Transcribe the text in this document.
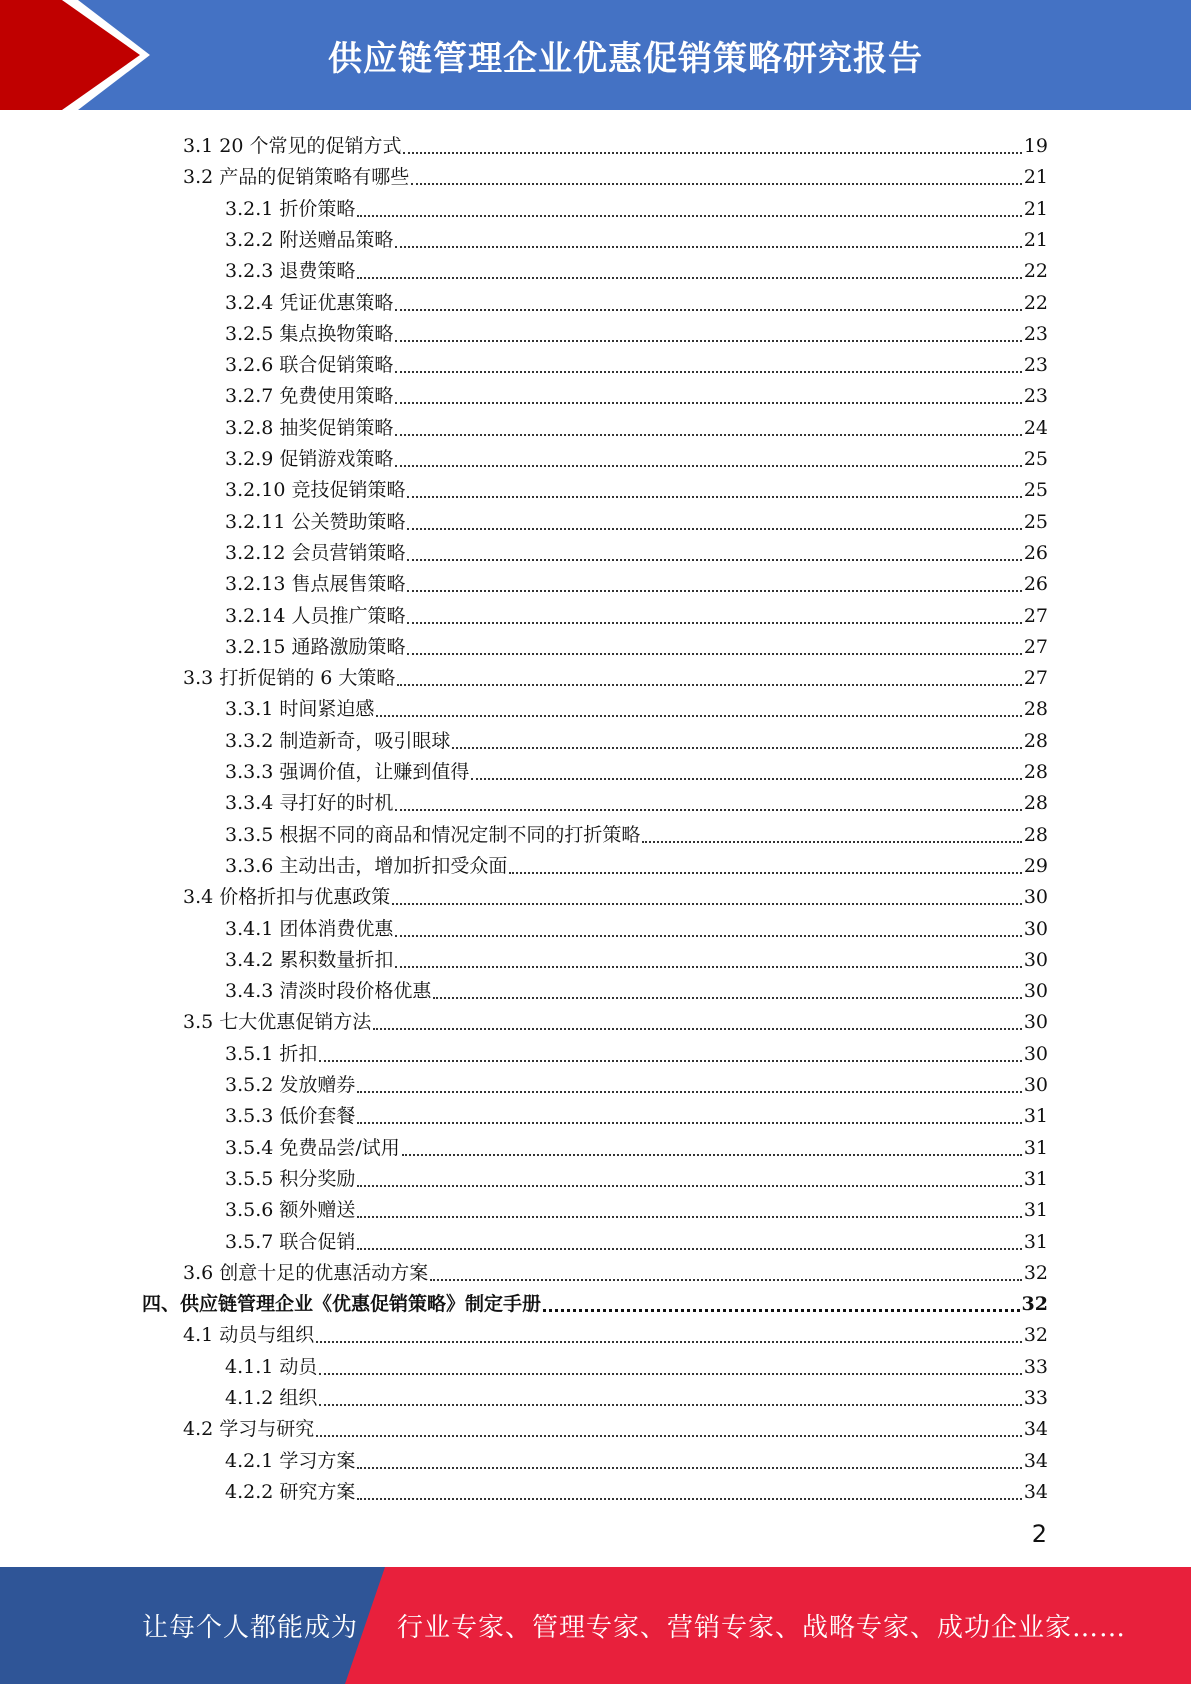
供应链管理企业优惠促销策略研究报告
3.1 20 个常见的促销方式	19
3.2 产品的促销策略有哪些	21
3.2.1 折价策略	21
3.2.2 附送赠品策略	21
3.2.3 退费策略	22
3.2.4 凭证优惠策略	22
3.2.5 集点换物策略	23
3.2.6 联合促销策略	23
3.2.7 免费使用策略	23
3.2.8 抽奖促销策略	24
3.2.9 促销游戏策略	25
3.2.10 竞技促销策略	25
3.2.11 公关赞助策略	25
3.2.12 会员营销策略	26
3.2.13 售点展售策略	26
3.2.14 人员推广策略	27
3.2.15 通路激励策略	27
3.3 打折促销的 6 大策略	27
3.3.1 时间紧迫感	28
3.3.2 制造新奇，吸引眼球	28
3.3.3 强调价值，让赚到值得	28
3.3.4 寻打好的时机	28
3.3.5 根据不同的商品和情况定制不同的打折策略	28
3.3.6 主动出击，增加折扣受众面	29
3.4 价格折扣与优惠政策	30
3.4.1 团体消费优惠	30
3.4.2 累积数量折扣	30
3.4.3 清淡时段价格优惠	30
3.5 七大优惠促销方法	30
3.5.1 折扣	30
3.5.2 发放赠券	30
3.5.3 低价套餐	31
3.5.4 免费品尝/试用	31
3.5.5 积分奖励	31
3.5.6 额外赠送	31
3.5.7 联合促销	31
3.6 创意十足的优惠活动方案	32
四、供应链管理企业《优惠促销策略》制定手册	32
4.1 动员与组织	32
4.1.1 动员	33
4.1.2 组织	33
4.2 学习与研究	34
4.2.1 学习方案	34
4.2.2 研究方案	34
2
让每个人都能成为 行业专家、管理专家、营销专家、战略专家、成功企业家……
